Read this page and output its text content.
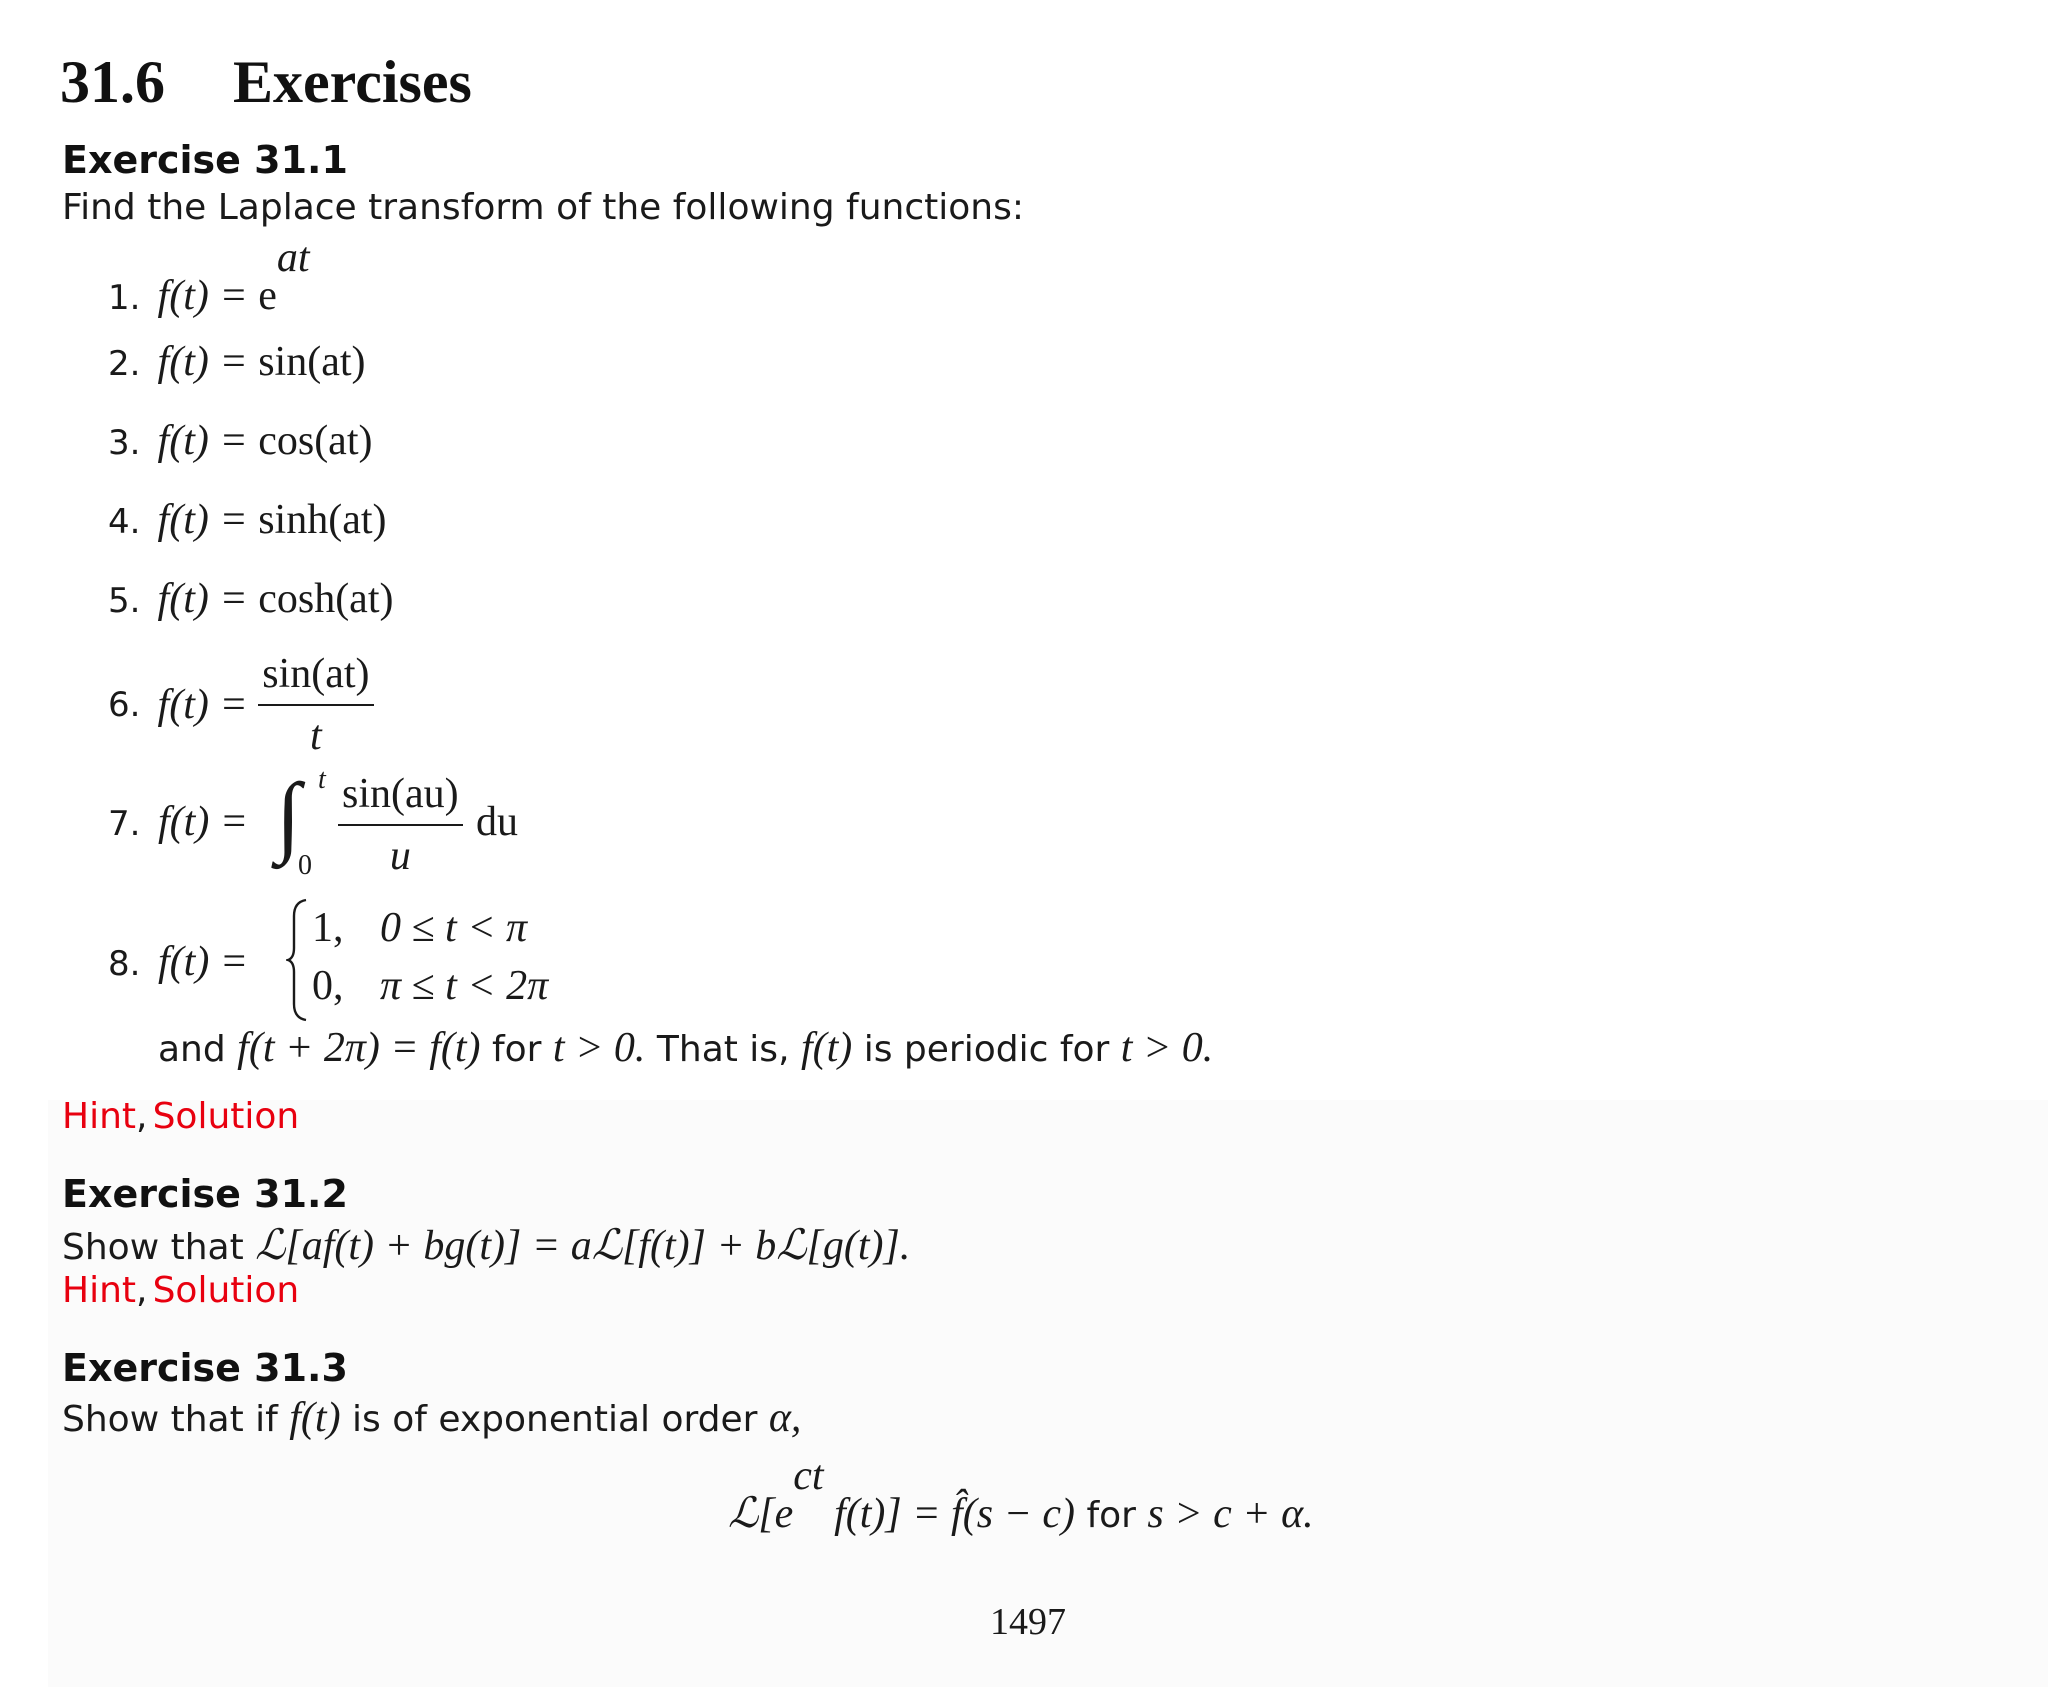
31.6 Exercises
Exercise 31.1
Find the Laplace transform of the following functions:
1. $f(t) = e^{at}$
2. f(t) = sin(at)
3. f(t) = cos(at)
4. f(t) = sinh(at)
5. f(t) = cosh(at)
6. $f(t) = \frac{\sin(at)}{t}$
7. f(t) = ∫ t
0
sin(au)
u
du
8. f(t) =
1, 0 ≤ t < π
0, π ≤ t < 2π
and f(t + 2π) = f(t) for t > 0. That is, f(t) is periodic for t > 0.
Hint, Solution
Exercise 31.2
Show that ℒ[af(t) + bg(t)] = aℒ[f(t)] + bℒ[g(t)].
Hint, Solution
Exercise 31.3
Show that if f(t) is of exponential order α,
$ℒ[e^{ct}$ f(t)] = f̂(s − c) for s > c + α.
1497
